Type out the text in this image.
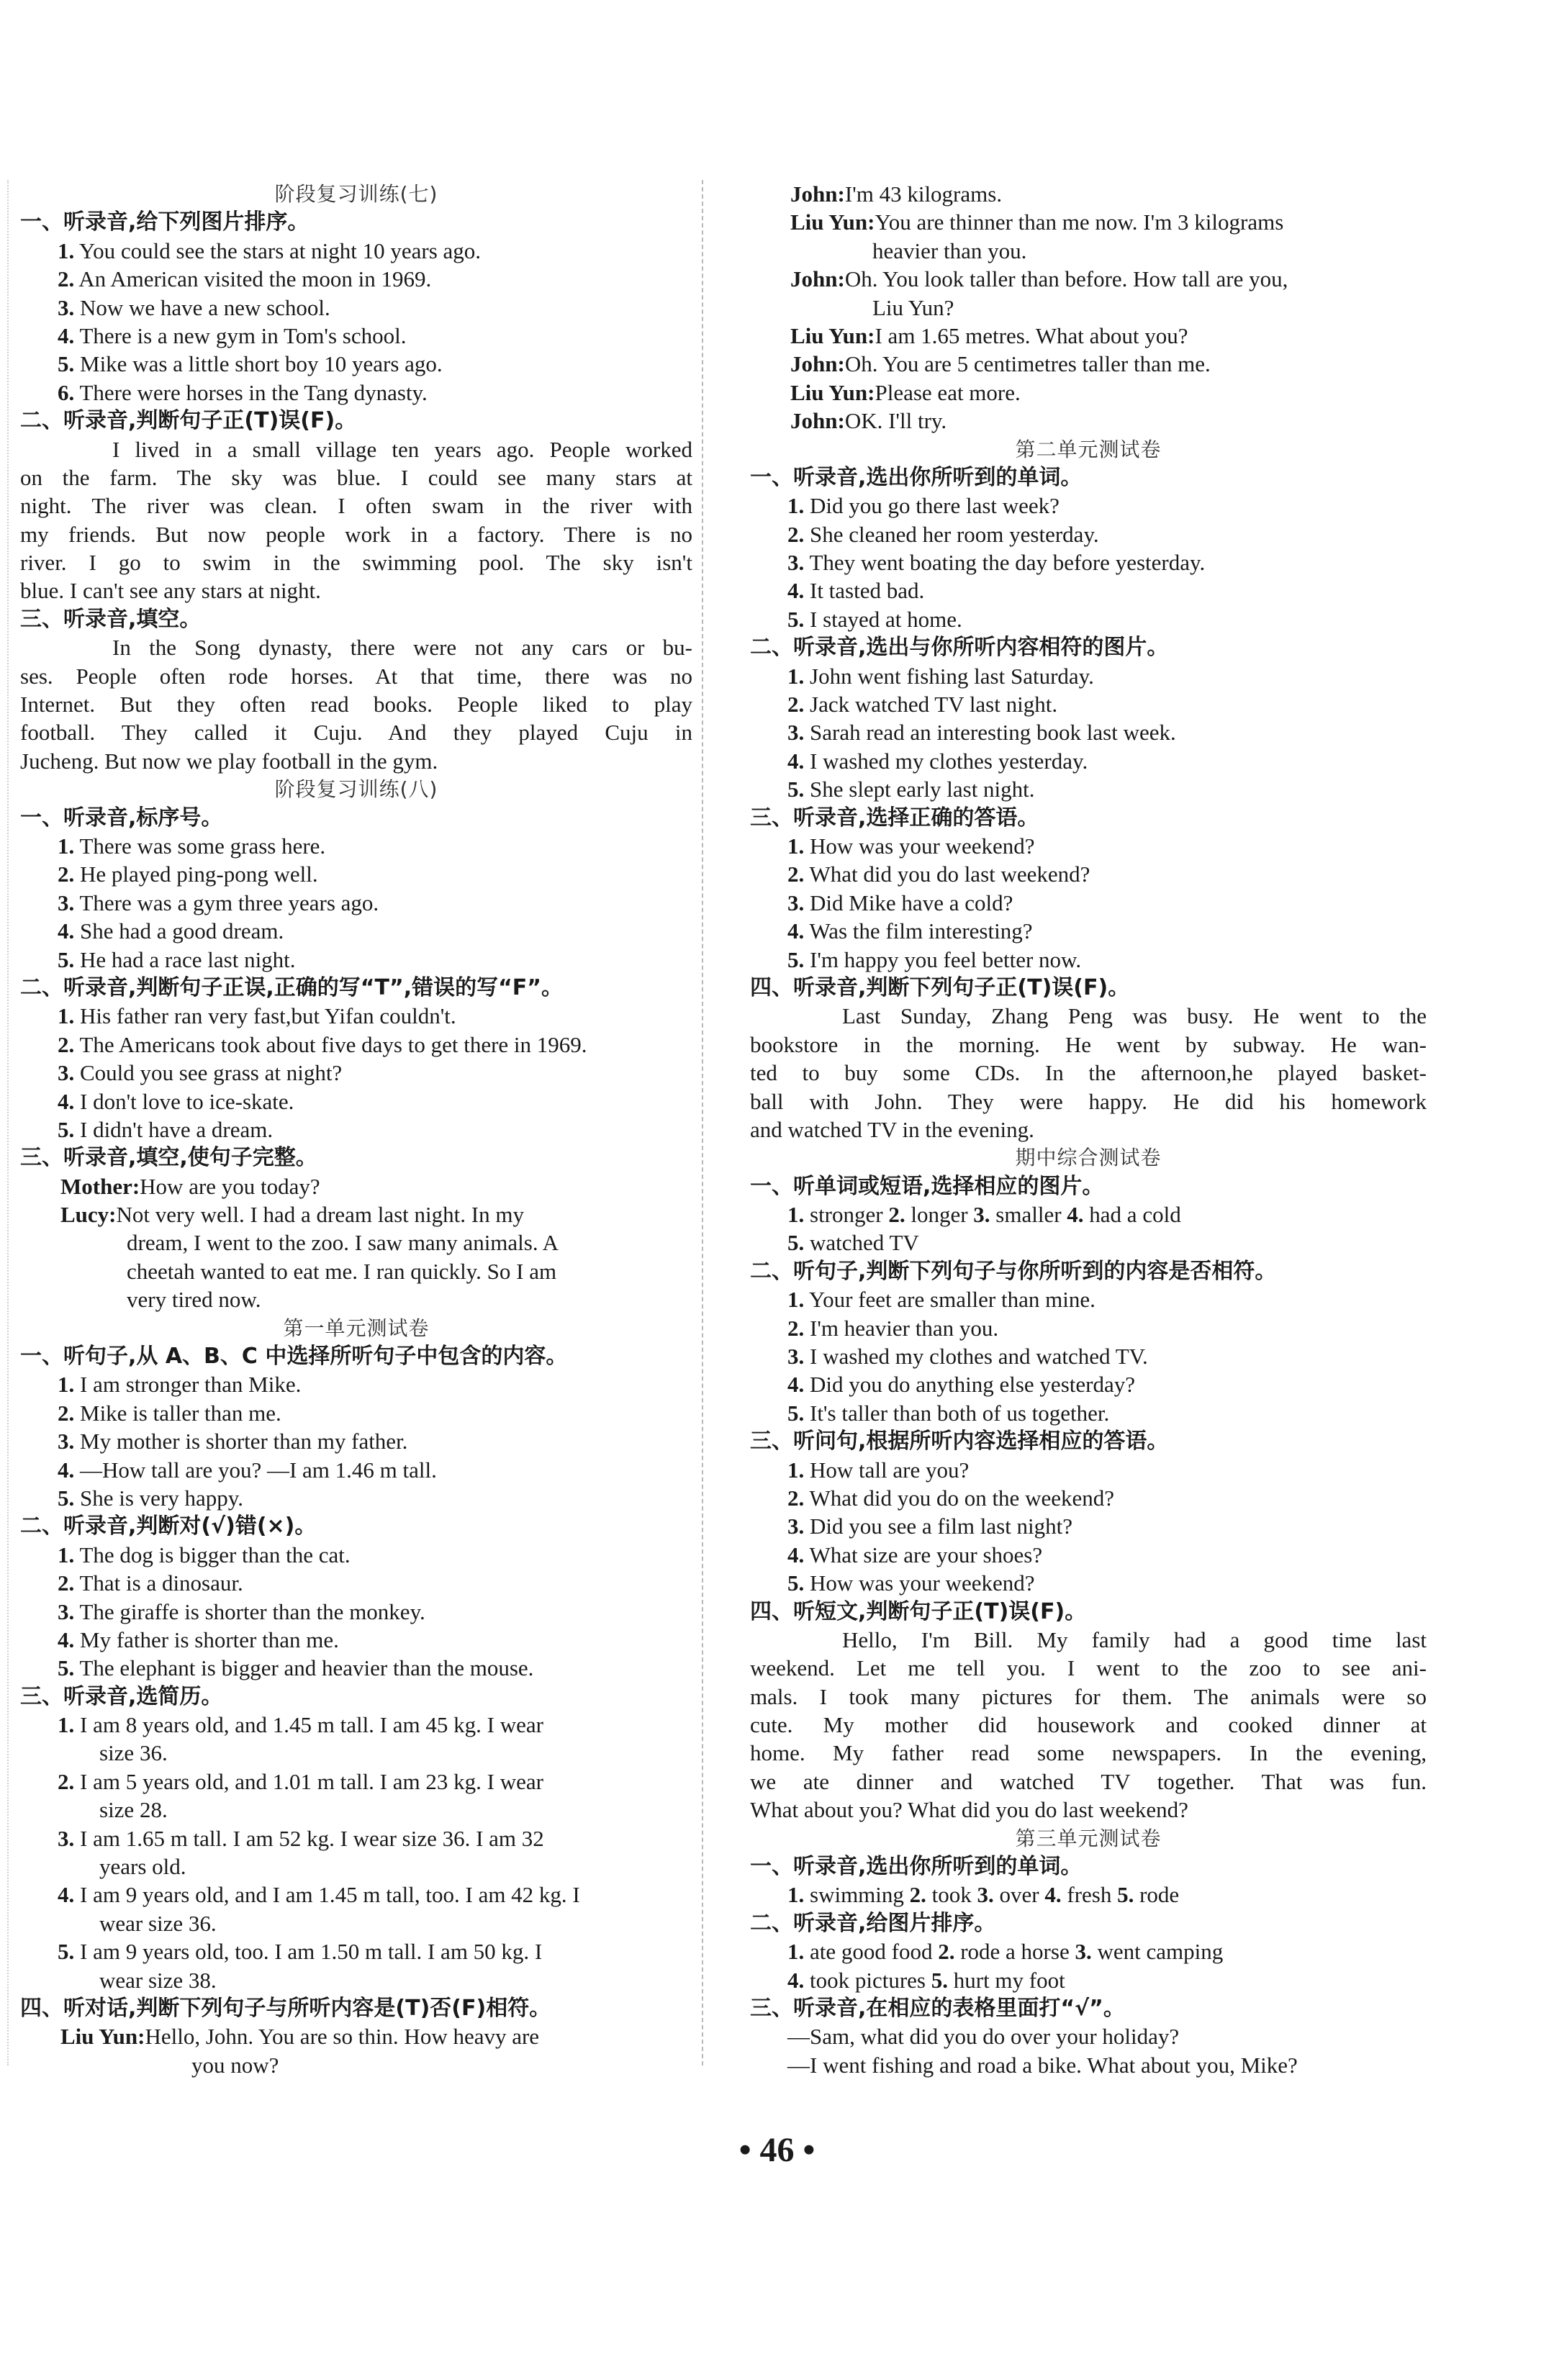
阶段复习训练(七)
一、听录音,给下列图片排序。
1. You could see the stars at night 10 years ago.
2. An American visited the moon in 1969.
3. Now we have a new school.
4. There is a new gym in Tom's school.
5. Mike was a little short boy 10 years ago.
6. There were horses in the Tang dynasty.
二、听录音,判断句子正(T)误(F)。
I lived in a small village ten years ago. People worked
on the farm. The sky was blue. I could see many stars at
night. The river was clean. I often swam in the river with
my friends. But now people work in a factory. There is no
river. I go to swim in the swimming pool. The sky isn't
blue. I can't see any stars at night.
三、听录音,填空。
In the Song dynasty, there were not any cars or bu-
ses. People often rode horses. At that time, there was no
Internet. But they often read books. People liked to play
football. They called it Cuju. And they played Cuju in
Jucheng. But now we play football in the gym.
阶段复习训练(八)
一、听录音,标序号。
1. There was some grass here.
2. He played ping-pong well.
3. There was a gym three years ago.
4. She had a good dream.
5. He had a race last night.
二、听录音,判断句子正误,正确的写“T”,错误的写“F”。
1. His father ran very fast,but Yifan couldn't.
2. The Americans took about five days to get there in 1969.
3. Could you see grass at night?
4. I don't love to ice-skate.
5. I didn't have a dream.
三、听录音,填空,使句子完整。
Mother:How are you today?
Lucy:Not very well. I had a dream last night. In my
dream, I went to the zoo. I saw many animals. A
cheetah wanted to eat me. I ran quickly. So I am
very tired now.
第一单元测试卷
一、听句子,从 A、B、C 中选择所听句子中包含的内容。
1. I am stronger than Mike.
2. Mike is taller than me.
3. My mother is shorter than my father.
4. —How tall are you? —I am 1.46 m tall.
5. She is very happy.
二、听录音,判断对(√)错(×)。
1. The dog is bigger than the cat.
2. That is a dinosaur.
3. The giraffe is shorter than the monkey.
4. My father is shorter than me.
5. The elephant is bigger and heavier than the mouse.
三、听录音,选简历。
1. I am 8 years old, and 1.45 m tall. I am 45 kg. I wear
size 36.
2. I am 5 years old, and 1.01 m tall. I am 23 kg. I wear
size 28.
3. I am 1.65 m tall. I am 52 kg. I wear size 36. I am 32
years old.
4. I am 9 years old, and I am 1.45 m tall, too. I am 42 kg. I
wear size 36.
5. I am 9 years old, too. I am 1.50 m tall. I am 50 kg. I
wear size 38.
四、听对话,判断下列句子与所听内容是(T)否(F)相符。
Liu Yun:Hello, John. You are so thin. How heavy are
you now?
John:I'm 43 kilograms.
Liu Yun:You are thinner than me now. I'm 3 kilograms
heavier than you.
John:Oh. You look taller than before. How tall are you,
Liu Yun?
Liu Yun:I am 1.65 metres. What about you?
John:Oh. You are 5 centimetres taller than me.
Liu Yun:Please eat more.
John:OK. I'll try.
第二单元测试卷
一、听录音,选出你所听到的单词。
1. Did you go there last week?
2. She cleaned her room yesterday.
3. They went boating the day before yesterday.
4. It tasted bad.
5. I stayed at home.
二、听录音,选出与你所听内容相符的图片。
1. John went fishing last Saturday.
2. Jack watched TV last night.
3. Sarah read an interesting book last week.
4. I washed my clothes yesterday.
5. She slept early last night.
三、听录音,选择正确的答语。
1. How was your weekend?
2. What did you do last weekend?
3. Did Mike have a cold?
4. Was the film interesting?
5. I'm happy you feel better now.
四、听录音,判断下列句子正(T)误(F)。
Last Sunday, Zhang Peng was busy. He went to the
bookstore in the morning. He went by subway. He wan-
ted to buy some CDs. In the afternoon,he played basket-
ball with John. They were happy. He did his homework
and watched TV in the evening.
期中综合测试卷
一、听单词或短语,选择相应的图片。
1. stronger 2. longer 3. smaller 4. had a cold
5. watched TV
二、听句子,判断下列句子与你所听到的内容是否相符。
1. Your feet are smaller than mine.
2. I'm heavier than you.
3. I washed my clothes and watched TV.
4. Did you do anything else yesterday?
5. It's taller than both of us together.
三、听问句,根据所听内容选择相应的答语。
1. How tall are you?
2. What did you do on the weekend?
3. Did you see a film last night?
4. What size are your shoes?
5. How was your weekend?
四、听短文,判断句子正(T)误(F)。
Hello, I'm Bill. My family had a good time last
weekend. Let me tell you. I went to the zoo to see ani-
mals. I took many pictures for them. The animals were so
cute. My mother did housework and cooked dinner at
home. My father read some newspapers. In the evening,
we ate dinner and watched TV together. That was fun.
What about you? What did you do last weekend?
第三单元测试卷
一、听录音,选出你所听到的单词。
1. swimming 2. took 3. over 4. fresh 5. rode
二、听录音,给图片排序。
1. ate good food 2. rode a horse 3. went camping
4. took pictures 5. hurt my foot
三、听录音,在相应的表格里面打“√”。
—Sam, what did you do over your holiday?
—I went fishing and road a bike. What about you, Mike?
• 46 •
